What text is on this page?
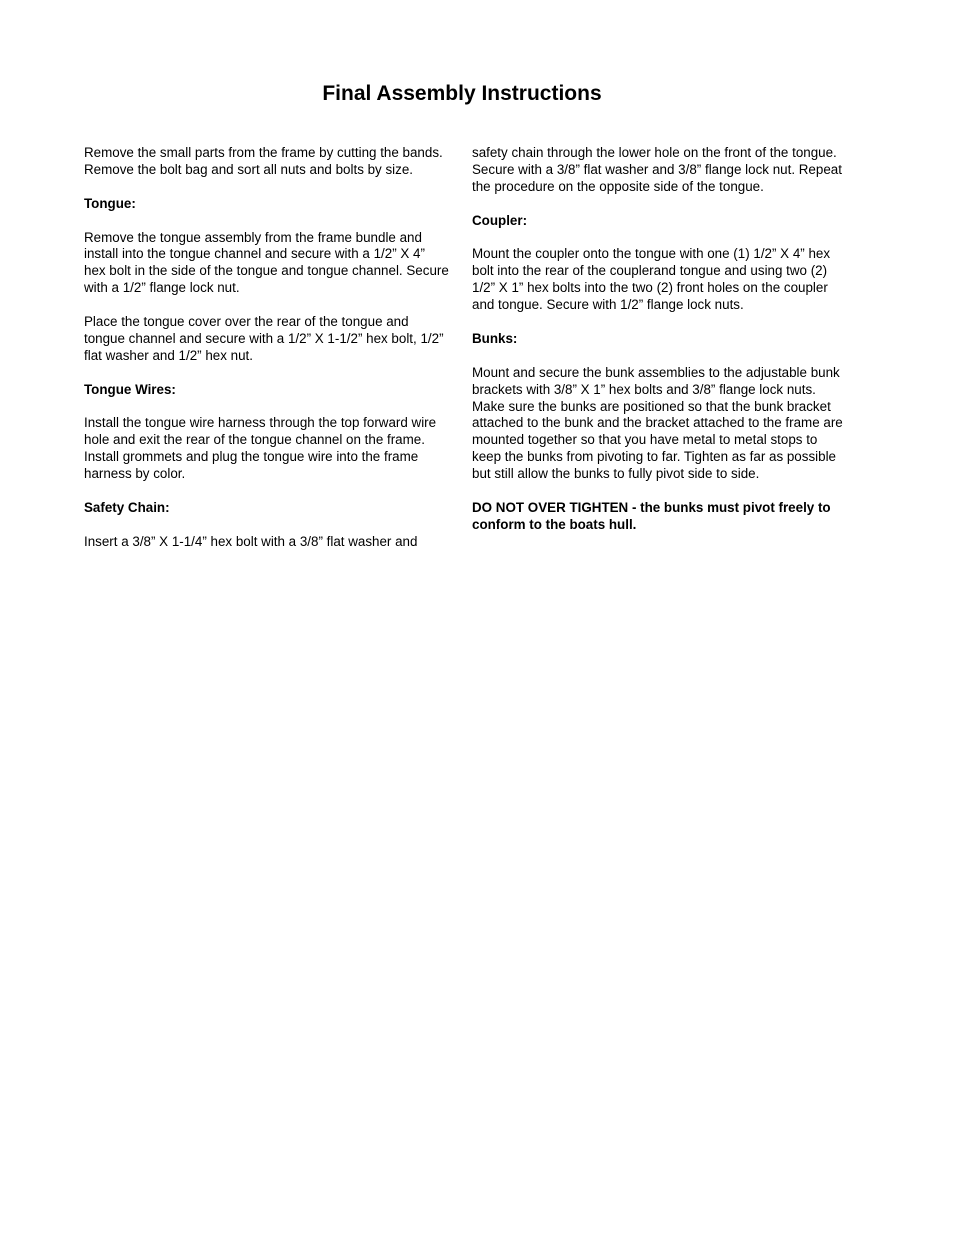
Final Assembly Instructions

Remove the small parts from the frame by cutting the bands. Remove the bolt bag and sort all nuts and bolts by size.

Tongue:

Remove the tongue assembly from the frame bundle and install into the tongue channel and secure with a 1/2” X 4” hex bolt in the side of the tongue and tongue channel. Secure with a 1/2” flange lock nut.

Place the tongue cover over the rear of the tongue and tongue channel and secure with a 1/2” X 1-1/2” hex bolt, 1/2” flat washer and 1/2” hex nut.

Tongue Wires:

Install the tongue wire harness through the top forward wire hole and exit the rear of the tongue channel on the frame. Install grommets and plug the tongue wire into the frame harness by color.

Safety Chain:

Insert a 3/8” X 1-1/4” hex bolt with a 3/8” flat washer and

safety chain through the lower hole on the front of the tongue. Secure with a 3/8” flat washer and 3/8” flange lock nut. Repeat the procedure on the opposite side of the tongue.

Coupler:

Mount the coupler onto the tongue with one (1) 1/2” X 4” hex bolt into the rear of the couplerand tongue and using two (2) 1/2” X 1” hex bolts into the two (2) front holes on the coupler and tongue. Secure with 1/2” flange lock nuts.

Bunks:

Mount and secure the bunk assemblies to the adjustable bunk brackets with 3/8” X 1” hex bolts and 3/8” flange lock nuts. Make sure the bunks are positioned so that the bunk bracket attached to the bunk and the bracket attached to the frame are mounted together so that you have metal to metal stops to keep the bunks from pivoting to far. Tighten as far as possible but still allow the bunks to fully pivot side to side.

DO NOT OVER TIGHTEN - the bunks must pivot freely to conform to the boats hull.
